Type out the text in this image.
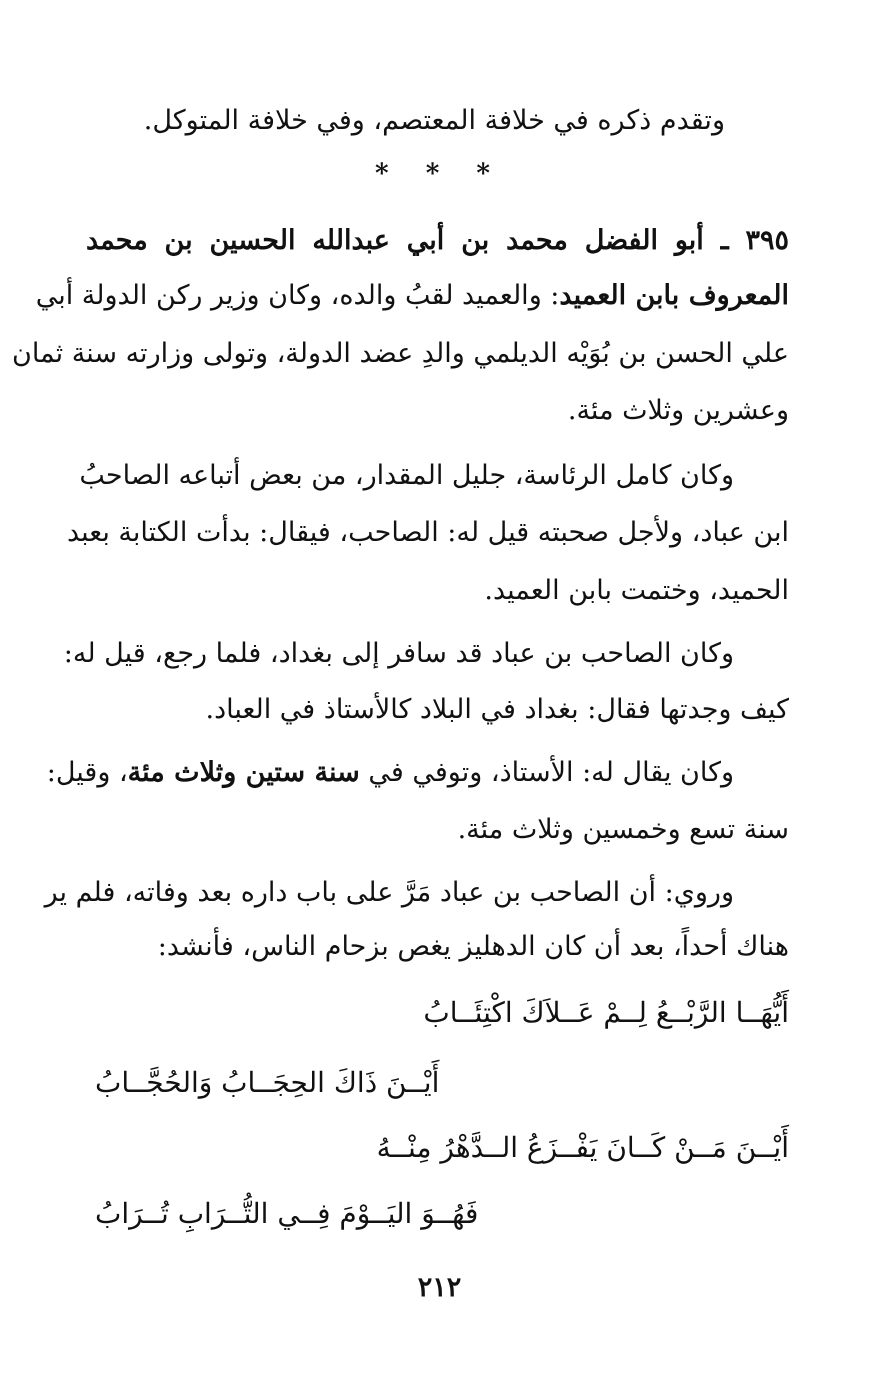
وتقدم ذكره في خلافة المعتصم، وفي خلافة المتوكل.
* * *
٣٩٥ ـ أبو الفضل محمد بن أبي عبدالله الحسين بن محمد
المعروف بابن العميد: والعميد لقبُ والده، وكان وزير ركن الدولة أبي
علي الحسن بن بُوَيْه الديلمي والدِ عضد الدولة، وتولى وزارته سنة ثمان
وعشرين وثلاث مئة.
وكان كامل الرئاسة، جليل المقدار، من بعض أتباعه الصاحبُ
ابن عباد، ولأجل صحبته قيل له: الصاحب، فيقال: بدأت الكتابة بعبد
الحميد، وختمت بابن العميد.
وكان الصاحب بن عباد قد سافر إلى بغداد، فلما رجع، قيل له:
كيف وجدتها فقال: بغداد في البلاد كالأستاذ في العباد.
وكان يقال له: الأستاذ، وتوفي في سنة ستين وثلاث مئة، وقيل:
سنة تسع وخمسين وثلاث مئة.
وروي: أن الصاحب بن عباد مَرَّ على باب داره بعد وفاته، فلم ير
هناك أحداً، بعد أن كان الدهليز يغص بزحام الناس، فأنشد:
أَيُّهَــا الرَّبْــعُ لِــمْ عَــلاَكَ اكْتِئَــابُ
أَيْــنَ ذَاكَ الحِجَــابُ وَالحُجَّــابُ
أَيْــنَ مَــنْ كَــانَ يَفْــزَعُ الــدَّهْرُ مِنْــهُ
فَهُــوَ اليَــوْمَ فِــي التُّــرَابِ تُــرَابُ
٢١٢
